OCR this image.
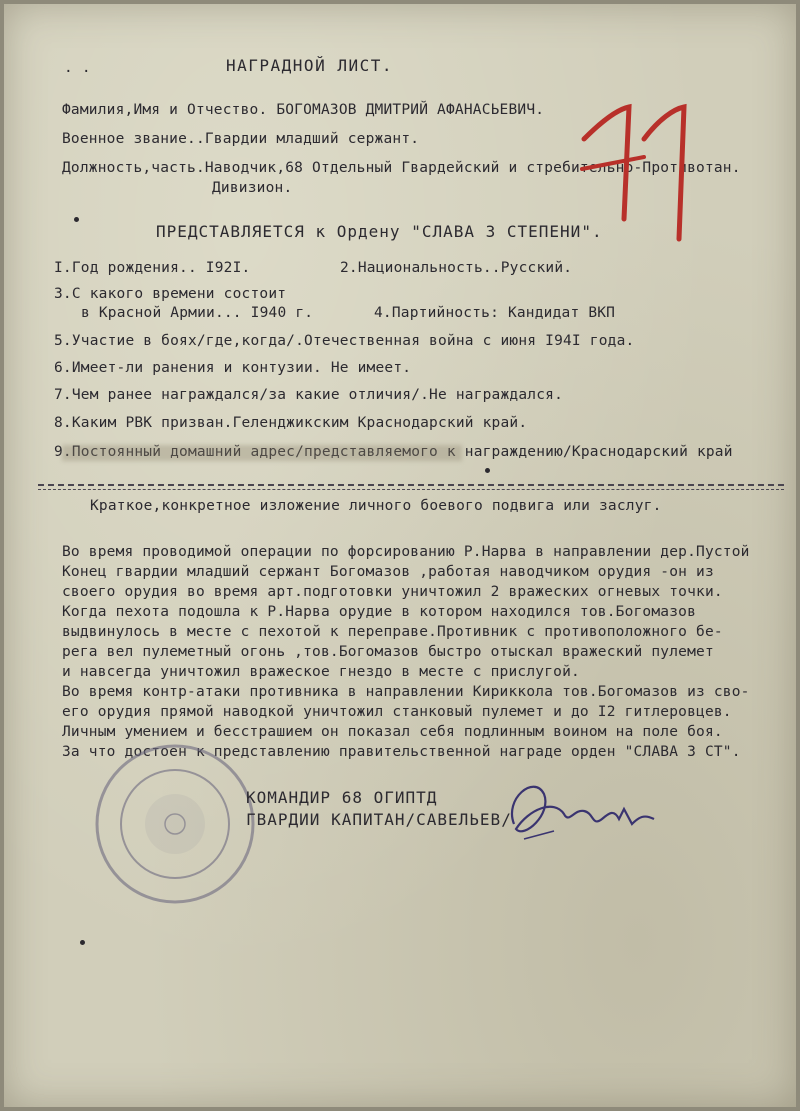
. .	НАГРАДНОЙ ЛИСТ.
Фамилия,Имя и Отчество. БОГОМАЗОВ ДМИТРИЙ АФАНАСЬЕВИЧ.
Военное звание..Гвардии младший сержант.
Должность,часть.Наводчик,68 Отдельный Гвардейский и стребительно-Противотан.
Дивизион.
ПРЕДСТАВЛЯЕТСЯ к Ордену "СЛАВА 3 СТЕПЕНИ".
I.Год рождения.. I92I.	2.Национальность..Русский.
3.С какого времени состоит
в Красной Армии... I940 г.	4.Партийность: Кандидат ВКП
5.Участие в боях/где,когда/.Отечественная война с июня I94I года.
6.Имеет-ли ранения и контузии. Не имеет.
7.Чем ранее награждался/за какие отличия/.Не награждался.
8.Каким РВК призван.Геленджикским Краснодарский край.
9.Постоянный домашний адрес/представляемого к награждению/Краснодарский край
Краткое,конкретное изложение личного боевого подвига или заслуг.
Во время проводимой операции по форсированию Р.Нарва в направлении дер.Пустой
Конец гвардии младший сержант Богомазов ,работая наводчиком орудия -он из
своего орудия во время арт.подготовки уничтожил 2 вражеских огневых точки.
Когда пехота подошла к Р.Нарва орудие в котором находился тов.Богомазов
выдвинулось в месте с пехотой к переправе.Противник с противоположного бе-
рега вел пулеметный огонь ,тов.Богомазов быстро отыскал вражеский пулемет
и навсегда уничтожил вражеское гнездо в месте с прислугой.
Во время контр-атаки противника в направлении Кириккола тов.Богомазов из сво-
его орудия прямой наводкой уничтожил станковый пулемет и до I2 гитлеровцев.
Личным умением и бесстрашием он показал себя подлинным воином на поле боя.
За что достоен к представлению правительственной награде орден "СЛАВА 3 СТ".
КОМАНДИР 68 ОГИПТД
ГВАРДИИ КАПИТАН/САВЕЛЬЕВ/
